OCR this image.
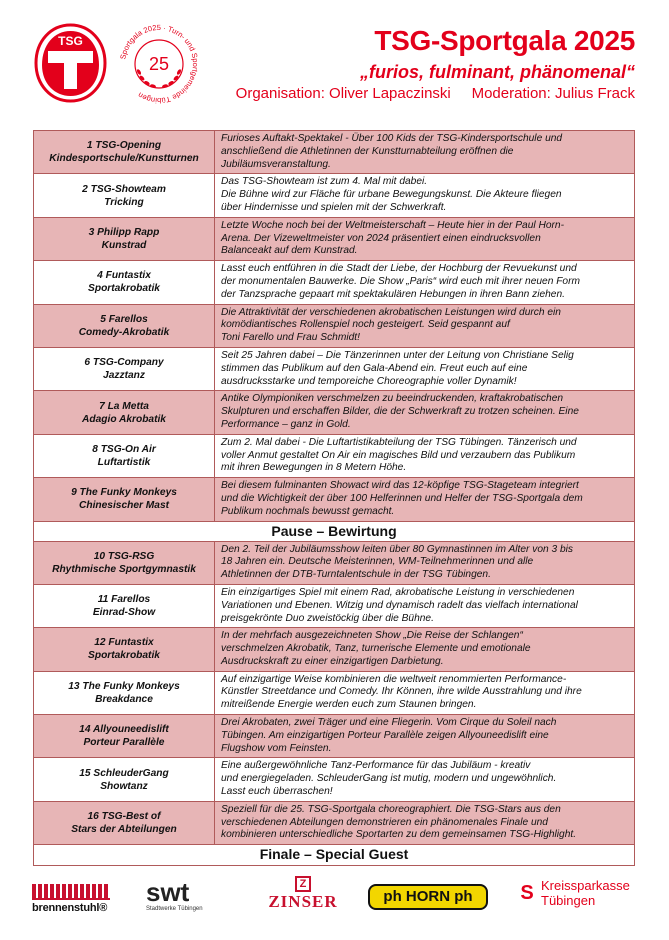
TSG
25
Sportgala 2025 · Turn- und Sportgemeinde Tübingen
TSG-Sportgala 2025
„furios, fulminant, phänomenal“
Organisation: Oliver Lapaczinski     Moderation: Julius Frack
1 TSG-Opening
Kindesportschule/Kunstturnen
Furioses Auftakt-Spektakel - Über 100 Kids der TSG-Kindersportschule und
anschließend die Athletinnen der Kunstturnabteilung eröffnen die
Jubiläumsveranstaltung.
2 TSG-Showteam
Tricking
Das TSG-Showteam ist zum 4. Mal mit dabei.
Die Bühne wird zur Fläche für urbane Bewegungskunst. Die Akteure fliegen
über Hindernisse und spielen mit der Schwerkraft.
3 Philipp Rapp
Kunstrad
Letzte Woche noch bei der Weltmeisterschaft – Heute hier in der Paul Horn-
Arena. Der Vizeweltmeister von 2024 präsentiert einen eindrucksvollen
Balanceakt auf dem Kunstrad.
4 Funtastix
Sportakrobatik
Lasst euch entführen in die Stadt der Liebe, der Hochburg der Revuekunst und
der monumentalen Bauwerke. Die Show „Paris“ wird euch mit ihrer neuen Form
der Tanzsprache gepaart mit spektakulären Hebungen in ihren Bann ziehen.
5 Farellos
Comedy-Akrobatik
Die Attraktivität der verschiedenen akrobatischen Leistungen wird durch ein
komödiantisches Rollenspiel noch gesteigert. Seid gespannt auf
Toni Farello und Frau Schmidt!
6 TSG-Company
Jazztanz
Seit 25 Jahren dabei – Die Tänzerinnen unter der Leitung von Christiane Selig
stimmen das Publikum auf den Gala-Abend ein. Freut euch auf eine
ausdrucksstarke und temporeiche Choreographie voller Dynamik!
7 La Metta
Adagio Akrobatik
Antike Olympioniken verschmelzen zu beeindruckenden, kraftakrobatischen
Skulpturen und erschaffen Bilder, die der Schwerkraft zu trotzen scheinen. Eine
Performance – ganz in Gold.
8 TSG-On Air
Luftartistik
Zum 2. Mal dabei - Die Luftartistikabteilung der TSG Tübingen. Tänzerisch und
voller Anmut gestaltet On Air ein magisches Bild und verzaubern das Publikum
mit ihren Bewegungen in 8 Metern Höhe.
9 The Funky Monkeys
Chinesischer Mast
Bei diesem fulminanten Showact wird das 12-köpfige TSG-Stageteam integriert
und die Wichtigkeit der über 100 Helferinnen und Helfer der TSG-Sportgala dem
Publikum nochmals bewusst gemacht.
Pause – Bewirtung
10 TSG-RSG
Rhythmische Sportgymnastik
Den 2. Teil der Jubiläumsshow leiten über 80 Gymnastinnen im Alter von 3 bis
18 Jahren ein. Deutsche Meisterinnen, WM-Teilnehmerinnen und alle
Athletinnen der DTB-Turntalentschule in der TSG Tübingen.
11 Farellos
Einrad-Show
Ein einzigartiges Spiel mit einem Rad, akrobatische Leistung in verschiedenen
Variationen und Ebenen. Witzig und dynamisch radelt das vielfach international
preisgekrönte Duo zweistöckig über die Bühne.
12 Funtastix
Sportakrobatik
In der mehrfach ausgezeichneten Show „Die Reise der Schlangen“
verschmelzen Akrobatik, Tanz, turnerische Elemente und emotionale
Ausdruckskraft zu einer einzigartigen Darbietung.
13 The Funky Monkeys
Breakdance
Auf einzigartige Weise kombinieren die weltweit renommierten Performance-
Künstler Streetdance und Comedy. Ihr Können, ihre wilde Ausstrahlung und ihre
mitreißende Energie werden euch zum Staunen bringen.
14 Allyouneedislift
Porteur Parallèle
Drei Akrobaten, zwei Träger und eine Fliegerin. Vom Cirque du Soleil nach
Tübingen. Am einzigartigen Porteur Parallèle zeigen Allyouneedislift eine
Flugshow vom Feinsten.
15 SchleuderGang
Showtanz
Eine außergewöhnliche Tanz-Performance für das Jubiläum - kreativ
und energiegeladen. SchleuderGang ist mutig, modern und ungewöhnlich.
Lasst euch überraschen!
16 TSG-Best of
Stars der Abteilungen
Speziell für die 25. TSG-Sportgala choreographiert. Die TSG-Stars aus den
verschiedenen Abteilungen demonstrieren ein phänomenales Finale und
kombinieren unterschiedliche Sportarten zu dem gemeinsamen TSG-Highlight.
Finale – Special Guest
brennenstuhl®
swt
Stadtwerke Tübingen
Z
ZINSER	ph HORN ph	S Kreissparkasse
Tübingen
